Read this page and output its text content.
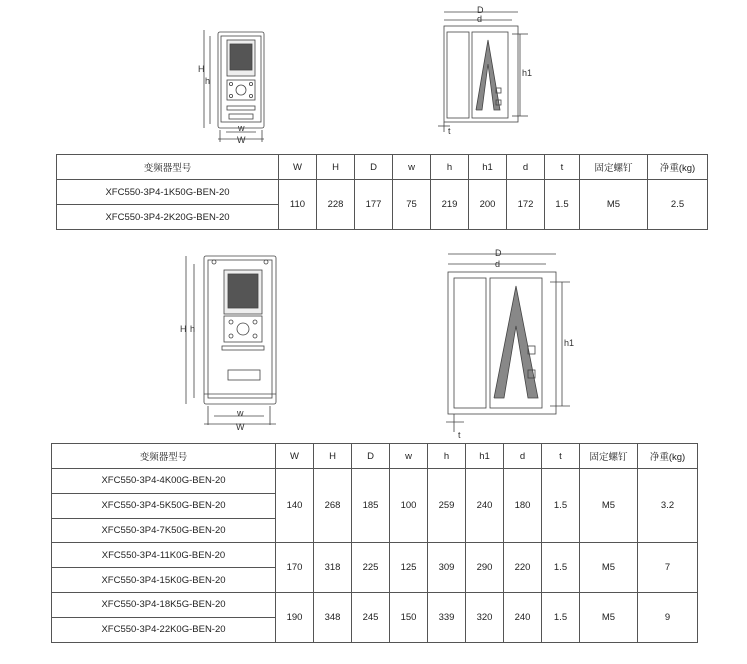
H
h
w
W
D
d
h1
t
变频器型号	W	H	D	w	h	h1	d	t	固定螺钉	净重(kg)
XFC550-3P4-1K50G-BEN-20	110	228	177	75	219	200	172	1.5	M5	2.5
XFC550-3P4-2K20G-BEN-20										
H h
w
W
D
d
h1
t
变频器型号	W	H	D	w	h	h1	d	t	固定螺钉	净重(kg)
XFC550-3P4-4K00G-BEN-20	140	268	185	100	259	240	180	1.5	M5	3.2
XFC550-3P4-5K50G-BEN-20										
XFC550-3P4-7K50G-BEN-20										
XFC550-3P4-11K0G-BEN-20	170	318	225	125	309	290	220	1.5	M5	7
XFC550-3P4-15K0G-BEN-20										
XFC550-3P4-18K5G-BEN-20	190	348	245	150	339	320	240	1.5	M5	9
XFC550-3P4-22K0G-BEN-20										
